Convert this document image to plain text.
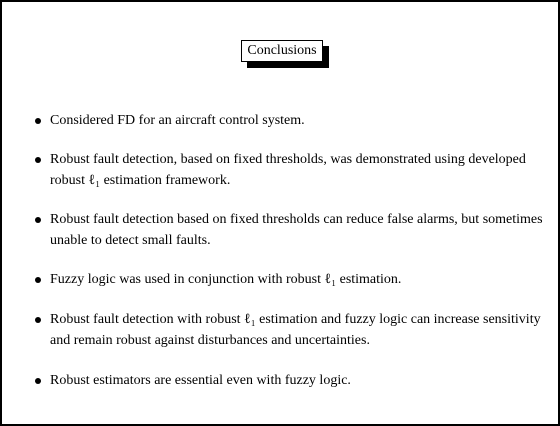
Conclusions
Considered FD for an aircraft control system.
Robust fault detection, based on fixed thresholds, was demonstrated using developed robust ℓ₁ estimation framework.
Robust fault detection based on fixed thresholds can reduce false alarms, but sometimes unable to detect small faults.
Fuzzy logic was used in conjunction with robust ℓ₁ estimation.
Robust fault detection with robust ℓ₁ estimation and fuzzy logic can increase sensitivity and remain robust against disturbances and uncertainties.
Robust estimators are essential even with fuzzy logic.
